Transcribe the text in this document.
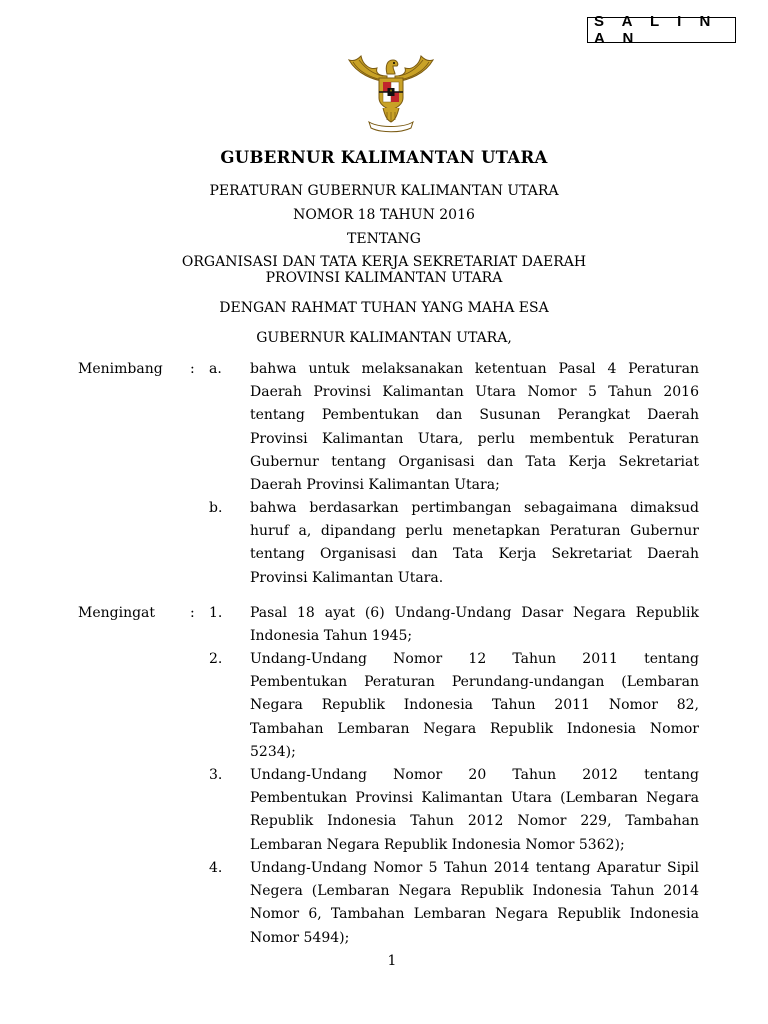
S A L I N A N
GUBERNUR KALIMANTAN UTARA
PERATURAN GUBERNUR KALIMANTAN UTARA
NOMOR 18 TAHUN 2016
TENTANG
ORGANISASI DAN TATA KERJA SEKRETARIAT DAERAH
PROVINSI KALIMANTAN UTARA
DENGAN RAHMAT TUHAN YANG MAHA ESA
GUBERNUR KALIMANTAN UTARA,
Menimbang : a. bahwa untuk melaksanakan ketentuan Pasal 4 Peraturan
Daerah Provinsi Kalimantan Utara Nomor 5 Tahun 2016
tentang Pembentukan dan Susunan Perangkat Daerah
Provinsi Kalimantan Utara, perlu membentuk Peraturan
Gubernur tentang Organisasi dan Tata Kerja Sekretariat
Daerah Provinsi Kalimantan Utara;
b. bahwa berdasarkan pertimbangan sebagaimana dimaksud
huruf a, dipandang perlu menetapkan Peraturan Gubernur
tentang Organisasi dan Tata Kerja Sekretariat Daerah
Provinsi Kalimantan Utara.
Mengingat : 1. Pasal 18 ayat (6) Undang-Undang Dasar Negara Republik
Indonesia Tahun 1945;
2. Undang-Undang Nomor 12 Tahun 2011 tentang
Pembentukan Peraturan Perundang-undangan (Lembaran
Negara Republik Indonesia Tahun 2011 Nomor 82,
Tambahan Lembaran Negara Republik Indonesia Nomor
5234);
3. Undang-Undang Nomor 20 Tahun 2012 tentang
Pembentukan Provinsi Kalimantan Utara (Lembaran Negara
Republik Indonesia Tahun 2012 Nomor 229, Tambahan
Lembaran Negara Republik Indonesia Nomor 5362);
4. Undang-Undang Nomor 5 Tahun 2014 tentang Aparatur Sipil
Negera (Lembaran Negara Republik Indonesia Tahun 2014
Nomor 6, Tambahan Lembaran Negara Republik Indonesia
Nomor 5494);
1
